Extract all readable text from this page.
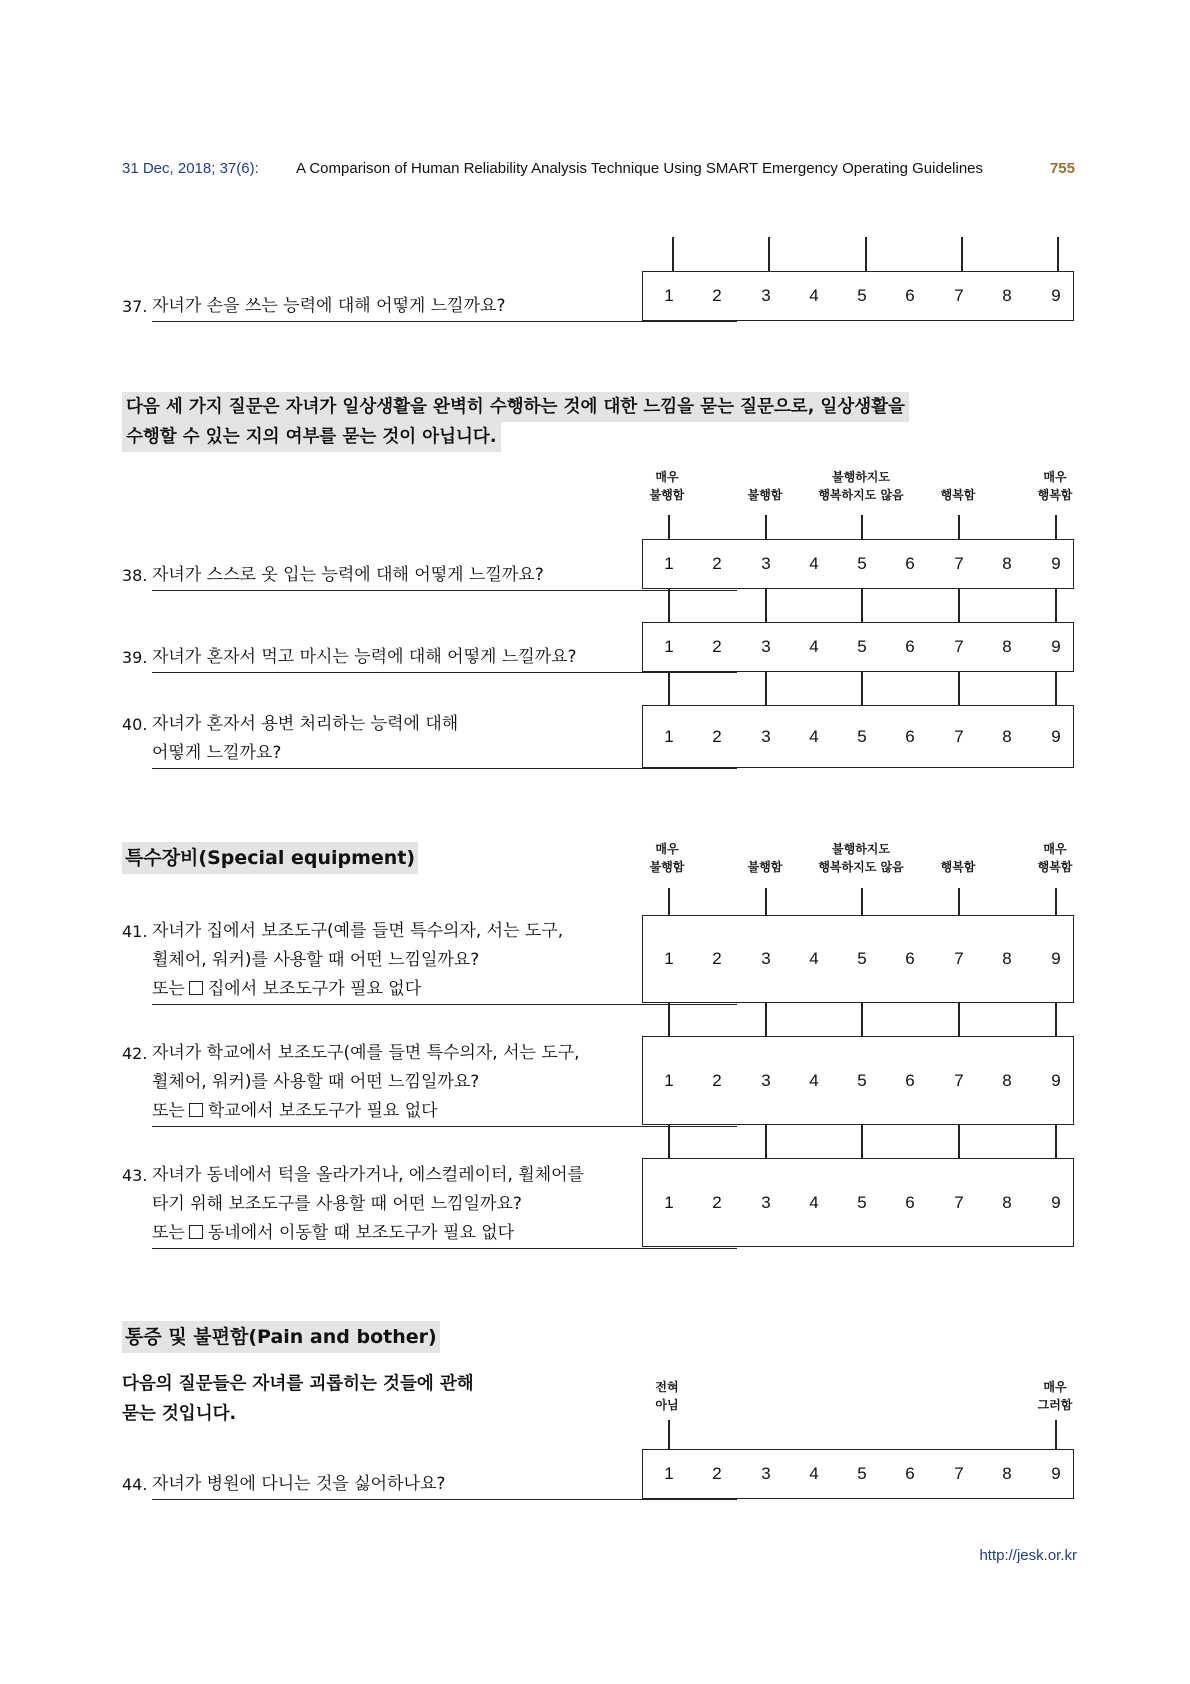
31 Dec, 2018; 37(6): A Comparison of Human Reliability Analysis Technique Using SMART Emergency Operating Guidelines	755
1 2 3 4 5 6 7 8 9
37. 자녀가 손을 쓰는 능력에 대해 어떻게 느낄까요?
다음 세 가지 질문은 자녀가 일상생활을 완벽히 수행하는 것에 대한 느낌을 묻는 질문으로, 일상생활을
수행할 수 있는 지의 여부를 묻는 것이 아닙니다.
매우
불행함	불행함
불행하지도
행복하지도 않음	행복함
매우
행복함
1 2 3 4 5 6 7 8 9
38. 자녀가 스스로 옷 입는 능력에 대해 어떻게 느낄까요?
1 2 3 4 5 6 7 8 9
39. 자녀가 혼자서 먹고 마시는 능력에 대해 어떻게 느낄까요?
1 2 3 4 5 6 7 8 9
40. 자녀가 혼자서 용변 처리하는 능력에 대해
어떻게 느낄까요?
특수장비(Special equipment)	매우
불행함	불행함
불행하지도
행복하지도 않음	행복함
매우
행복함
1 2 3 4 5 6 7 8 9
41. 자녀가 집에서 보조도구(예를 들면 특수의자, 서는 도구,
휠체어, 워커)를 사용할 때 어떤 느낌일까요?
또는 집에서 보조도구가 필요 없다
1 2 3 4 5 6 7 8 9
42. 자녀가 학교에서 보조도구(예를 들면 특수의자, 서는 도구,
휠체어, 워커)를 사용할 때 어떤 느낌일까요?
또는 학교에서 보조도구가 필요 없다
1 2 3 4 5 6 7 8 9
43. 자녀가 동네에서 턱을 올라가거나, 에스컬레이터, 휠체어를
타기 위해 보조도구를 사용할 때 어떤 느낌일까요?
또는 동네에서 이동할 때 보조도구가 필요 없다
통증 및 불편함(Pain and bother)
다음의 질문들은 자녀를 괴롭히는 것들에 관해
묻는 것입니다.
전혀
아님
매우
그러함
1 2 3 4 5 6 7 8 9
44. 자녀가 병원에 다니는 것을 싫어하나요?
http://jesk.or.kr
